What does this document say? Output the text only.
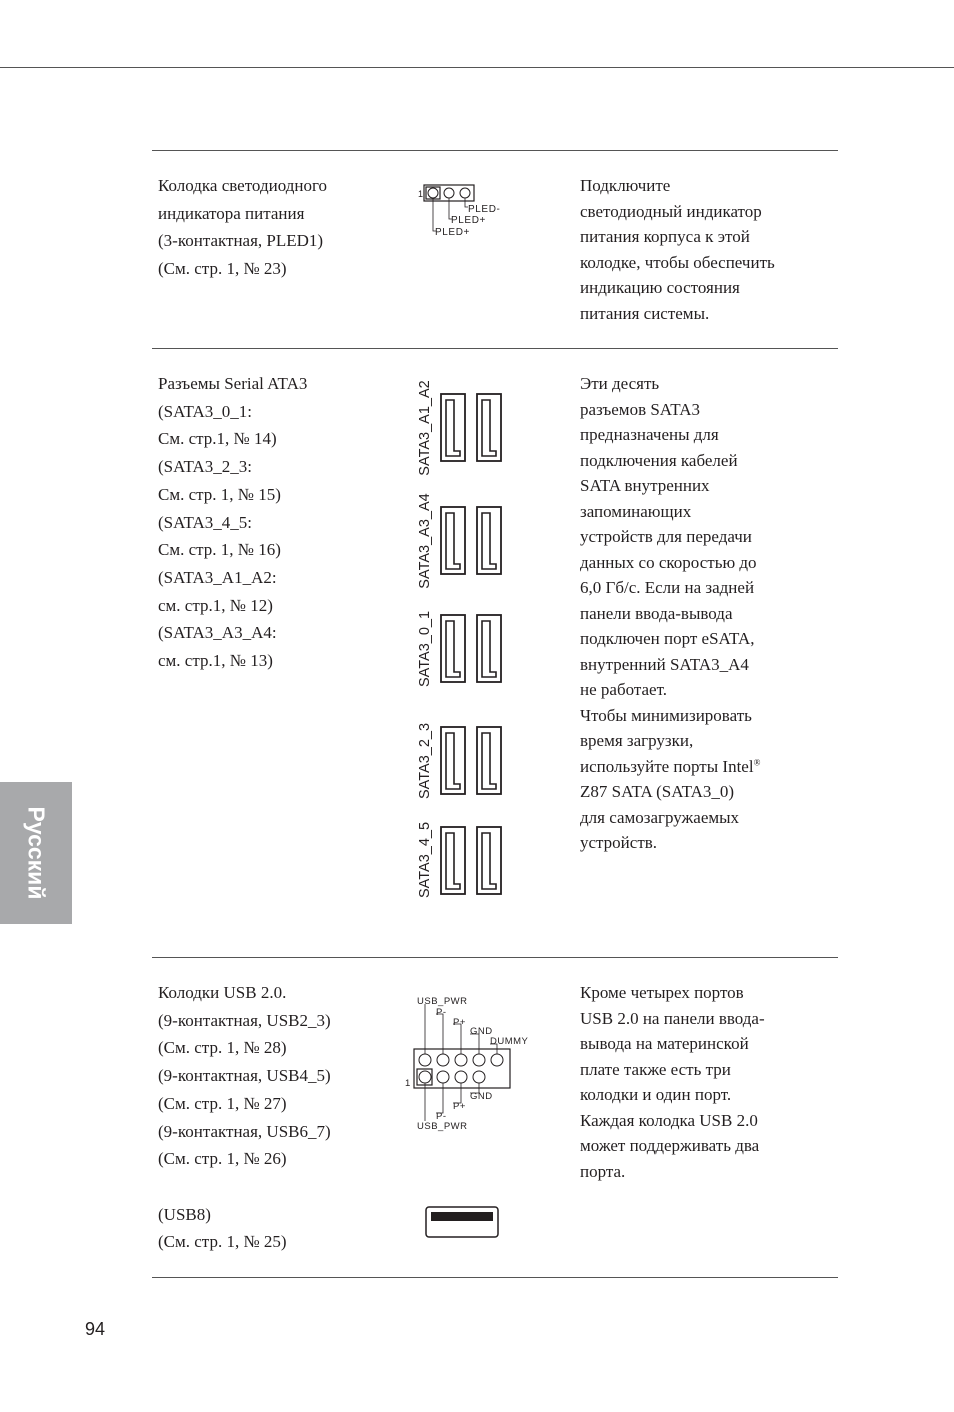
Русский
94
Колодка светодиодного
индикатора питания
(3-контактная, PLED1)
(См. стр. 1, № 23)
1
PLED-
PLED+
PLED+
Подключите
светодиодный индикатор
питания корпуса к этой
колодке, чтобы обеспечить
индикацию состояния
питания системы.
Разъемы Serial ATA3
(SATA3_0_1:
См. стр.1, № 14)
(SATA3_2_3:
См. стр. 1, № 15)
(SATA3_4_5:
См. стр. 1, № 16)
(SATA3_A1_A2:
см. стр.1, № 12)
(SATA3_A3_A4:
см. стр.1, № 13)
SATA3_A1_A2
SATA3_A3_A4
SATA3_0_1
SATA3_2_3
SATA3_4_5
Эти десять
разъемов SATA3
предназначены для
подключения кабелей
SATA внутренних
запоминающих
устройств для передачи
данных со скоростью до
6,0 Гб/с. Если на задней
панели ввода-вывода
подключен порт eSATA,
внутренний SATA3_A4
не работает.
Чтобы минимизировать
время загрузки,
используйте порты Intel®
Z87 SATA (SATA3_0)
для самозагружаемых
устройств.
Колодки USB 2.0.
(9-контактная, USB2_3)
(См. стр. 1, № 28)
(9-контактная, USB4_5)
(См. стр. 1, № 27)
(9-контактная, USB6_7)
(См. стр. 1, № 26)
(USB8)
(См. стр. 1, № 25)
USB_PWR
P-
P+
GND
DUMMY
1
GND
P+
P-
USB_PWR
Кроме четырех портов
USB 2.0 на панели ввода-
вывода на материнской
плате также есть три
колодки и один порт.
Каждая колодка USB 2.0
может поддерживать два
порта.
